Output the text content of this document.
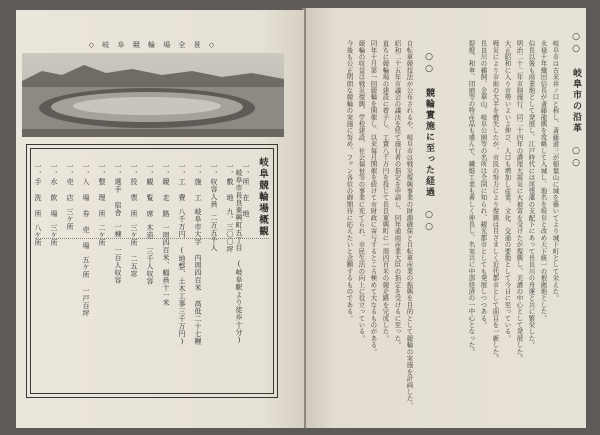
◇ 岐 阜 競 輪 場 全 景 ◇
岐阜競輪場概観
一、所 在 地岐阜市長良東興町五丁目 (岐阜駅より徒歩十分)
一、敷 地九、三〇〇坪
一、収容人員二万五千人
一、施 工岐阜市大字 内周四百米 高低二十七糎
一、工 費八千万円 (地整、土木工事三千万円)
一、競 走 路一周四百米、幅員十一米
一、観 覧 席木造 三千人収容
一、投 票 所三ケ所 二五窓
一、選手 宿舎一棟 一百人収容
一、整 理 所二ケ所
一、入 場 券 売 場五ケ所 一戸百坪
一、売 店三ケ所
一、水 飲 場三ケ所
一、手 洗 所八ケ所
○○ 岐阜市の沿革 ○○
岐阜市は古来井ノ口と称し、斎藤道三が稲葉山に城を築いてより城下町として栄えた。
永禄十年織田信長が斎藤龍興を攻略して入城し、地名を岐阜と改め天下統一の根拠地とした。
信長以後も商業地として発展し、江戸時代には尾張藩の支配下にあって長良川の舟運と共に繁栄した。
明治二十二年市制施行、同二十四年の濃尾大震災に大被害を受けたが復興し、美濃の中心として発展した。
大正昭和に入り市勢いよいよ伸び、人口も増加し産業、文化、交通の要地として今日に至っている。
戦災により市街の大半を焼失したが、市民の努力により復興は目ざましく近代都市として面目を一新した。
長良川の鵜飼、金華山、岐阜公園等の名所は全国に知られ、観光都市としても発展しつつある。
提燈、和傘、団扇等の特産品も盛んで、繊維工業も著しく伸長し、名実共に中部経済の一中心となった。
○○ 競輪實施に至った経過 ○○
自転車競技法が公布されるや、岐阜市は戦災復興事業の財源確保と自転車産業の振興を目的として競輪の実施を計画した。
昭和二十五年市議会の議決を経て施行者の指定を申請し、同年通商産業大臣の指定を受けるに至った。
直ちに競輪場の建設に着手し、工費八千万円を投じて長良東興町に一周四百米の競走路を完成した。
同年十月第一回競輪を開催し、以来毎月開催を続けて市財政に寄与するところ極めて大なるものがある。
競輪の収益は戦災復興、学校建設、社会福祉等の事業に充てられ、市民生活の向上に役立っている。
今後も公正明朗な競輪の実施に努め、ファン各位の御期待に応えたいと念願するものである。
